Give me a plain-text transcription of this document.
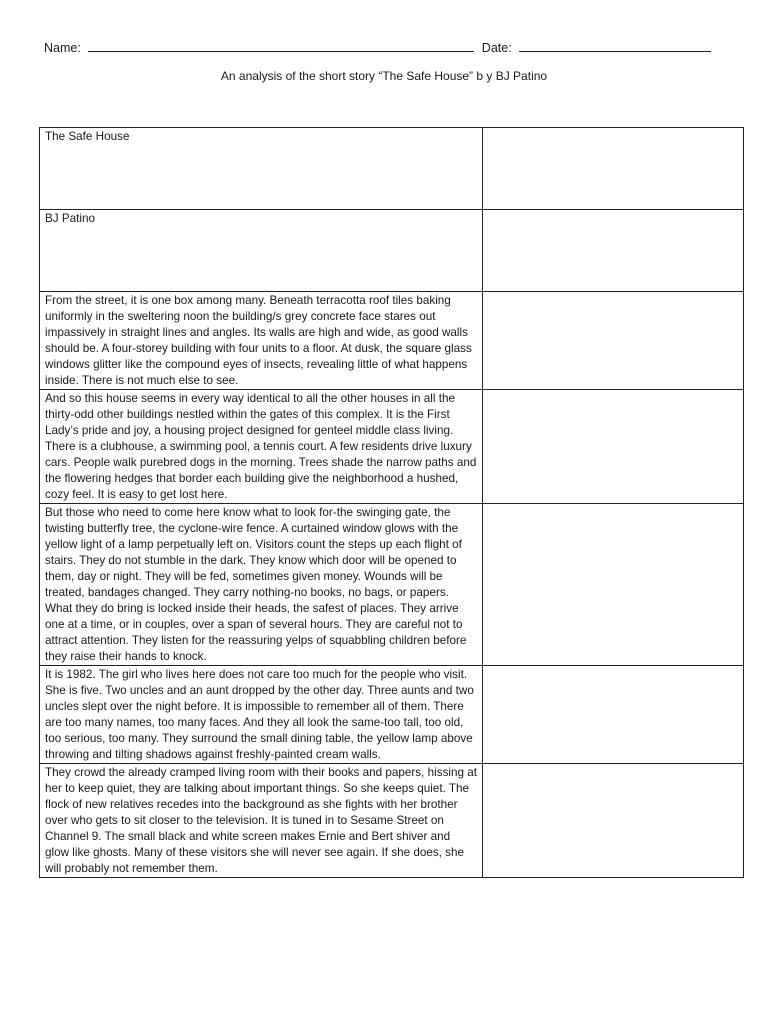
Name:	Date:
An analysis of the short story “The Safe House” b y BJ Patino
The Safe House	
BJ Patino	
From the street, it is one box among many. Beneath terracotta roof tiles baking uniformly in the sweltering noon the building/s grey concrete face stares out impassively in straight lines and angles. Its walls are high and wide, as good walls should be. A four-storey building with four units to a floor. At dusk, the square glass windows glitter like the compound eyes of insects, revealing little of what happens inside. There is not much else to see.	
And so this house seems in every way identical to all the other houses in all the thirty-odd other buildings nestled within the gates of this complex. It is the First Lady’s pride and joy, a housing project designed for genteel middle class living. There is a clubhouse, a swimming pool, a tennis court. A few residents drive luxury cars. People walk purebred dogs in the morning. Trees shade the narrow paths and the flowering hedges that border each building give the neighborhood a hushed, cozy feel. It is easy to get lost here.	
But those who need to come here know what to look for-the swinging gate, the twisting butterfly tree, the cyclone-wire fence. A curtained window glows with the yellow light of a lamp perpetually left on. Visitors count the steps up each flight of stairs. They do not stumble in the dark. They know which door will be opened to them, day or night. They will be fed, sometimes given money. Wounds will be treated, bandages changed. They carry nothing-no books, no bags, or papers. What they do bring is locked inside their heads, the safest of places. They arrive one at a time, or in couples, over a span of several hours. They are careful not to attract attention. They listen for the reassuring yelps of squabbling children before they raise their hands to knock.	
It is 1982. The girl who lives here does not care too much for the people who visit. She is five. Two uncles and an aunt dropped by the other day. Three aunts and two uncles slept over the night before. It is impossible to remember all of them. There are too many names, too many faces. And they all look the same-too tall, too old, too serious, too many. They surround the small dining table, the yellow lamp above throwing and tilting shadows against freshly-painted cream walls.	
They crowd the already cramped living room with their books and papers, hissing at her to keep quiet, they are talking about important things. So she keeps quiet. The flock of new relatives recedes into the background as she fights with her brother over who gets to sit closer to the television. It is tuned in to Sesame Street on Channel 9. The small black and white screen makes Ernie and Bert shiver and glow like ghosts. Many of these visitors she will never see again. If she does, she will probably not remember them.	
